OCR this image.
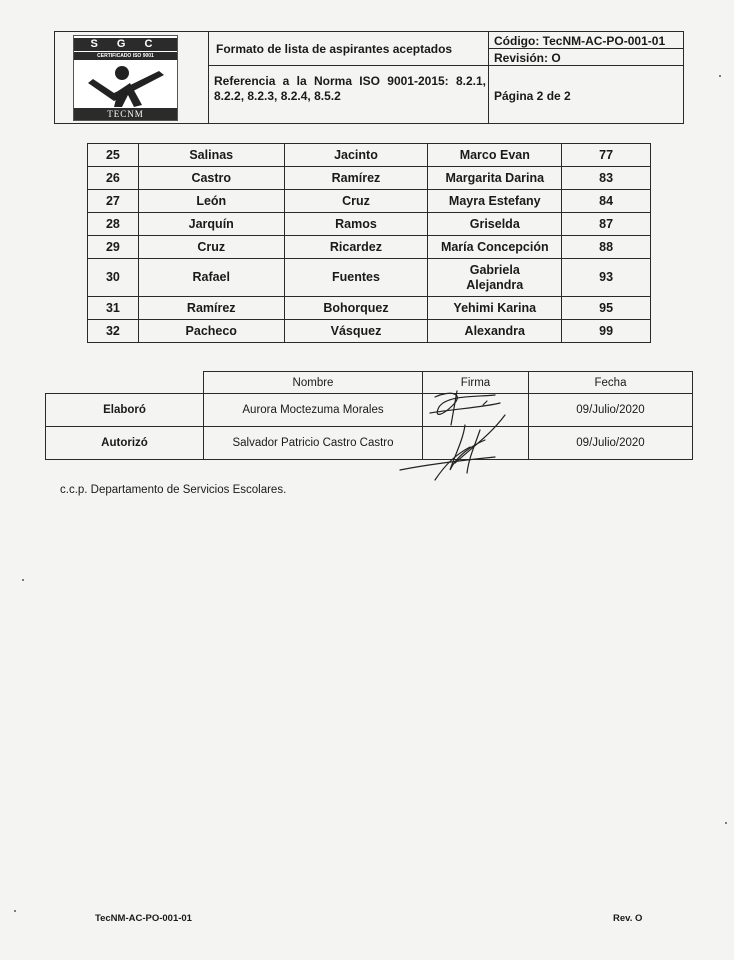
S G C
CERTIFICADO ISO 9001
TECNM
Formato de lista de aspirantes aceptados
Referencia a la Norma ISO 9001-2015: 8.2.1, 8.2.2, 8.2.3, 8.2.4, 8.5.2
Código: TecNM-AC-PO-001-01
Revisión: O
Página 2 de 2
25	Salinas	Jacinto	Marco Evan	77
26	Castro	Ramírez	Margarita Darina	83
27	León	Cruz	Mayra Estefany	84
28	Jarquín	Ramos	Griselda	87
29	Cruz	Ricardez	María Concepción	88
30	Rafael	Fuentes	Gabriela Alejandra	93
31	Ramírez	Bohorquez	Yehimi Karina	95
32	Pacheco	Vásquez	Alexandra	99
	Nombre	Firma	Fecha
Elaboró	Aurora Moctezuma Morales		09/Julio/2020
Autorizó	Salvador Patricio Castro Castro		09/Julio/2020
c.c.p. Departamento de Servicios Escolares.
TecNM-AC-PO-001-01	Rev. O
